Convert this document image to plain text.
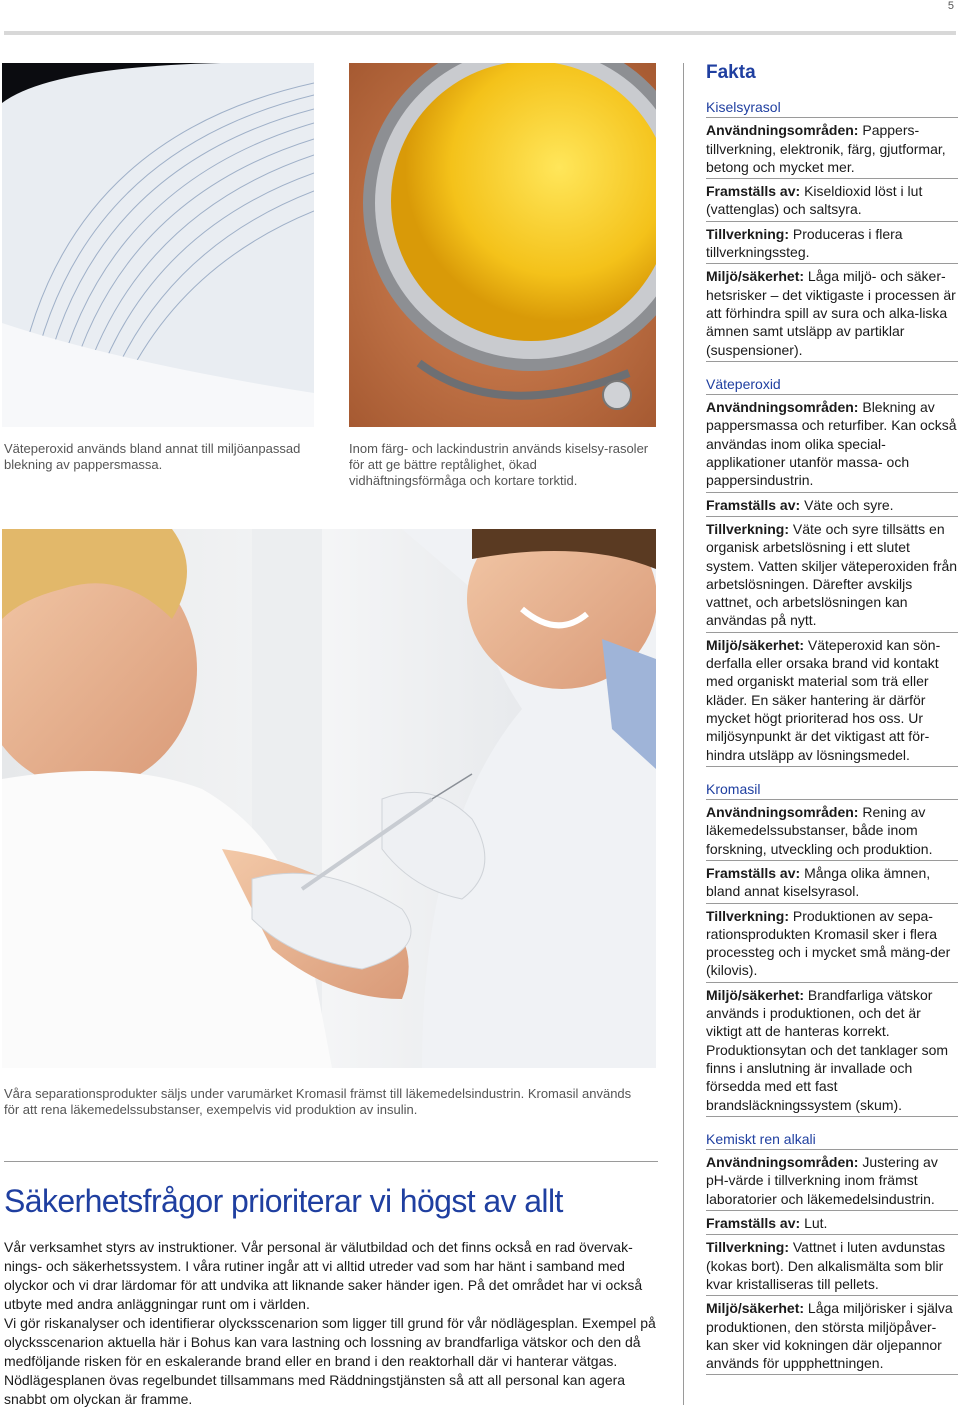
5
Väteperoxid används bland annat till miljöanpassad blekning av pappersmassa.
Inom färg- och lackindustrin används kiselsy-rasoler för att ge bättre reptålighet, ökad vidhäftningsförmåga och kortare torktid.
Våra separationsprodukter säljs under varumärket Kromasil främst till läkemedelsindustrin. Kromasil används för att rena läkemedelssubstanser, exempelvis vid produktion av insulin.
Säkerhetsfrågor prioriterar vi högst av allt

Vår verksamhet styrs av instruktioner. Vår personal är välutbildad och det finns också en rad övervak-nings- och säkerhetssystem. I våra rutiner ingår att vi alltid utreder vad som har hänt i samband med olyckor och vi drar lärdomar för att undvika att liknande saker händer igen. På det området har vi också utbyte med andra anläggningar runt om i världen.

Vi gör riskanalyser och identifierar olycksscenarion som ligger till grund för vår nödlägesplan. Exempel på olycksscenarion aktuella här i Bohus kan vara lastning och lossning av brandfarliga vätskor och den då medföljande risken för en eskalerande brand eller en brand i den reaktorhall där vi hanterar vätgas. Nödlägesplanen övas regelbundet tillsammans med Räddningstjänsten så att all personal kan agera snabbt om olyckan är framme.

Fakta
Kiselsyrasol
Användningsområden: Pappers-tillverkning, elektronik, färg, gjutformar, betong och mycket mer.
Framställs av: Kiseldioxid löst i lut (vattenglas) och saltsyra.
Tillverkning: Produceras i flera tillverkningssteg.
Miljö/säkerhet: Låga miljö- och säker-hetsrisker – det viktigaste i processen är att förhindra spill av sura och alka-liska ämnen samt utsläpp av partiklar (suspensioner).
Väteperoxid
Användningsområden: Blekning av pappersmassa och returfiber. Kan också användas inom olika special-applikationer utanför massa- och pappersindustrin.
Framställs av: Väte och syre.
Tillverkning: Väte och syre tillsätts en organisk arbetslösning i ett slutet system. Vatten skiljer väteperoxiden från arbetslösningen. Därefter avskiljs vattnet, och arbetslösningen kan användas på nytt.
Miljö/säkerhet: Väteperoxid kan sön-derfalla eller orsaka brand vid kontakt med organiskt material som trä eller kläder. En säker hantering är därför mycket högt prioriterad hos oss. Ur miljösynpunkt är det viktigast att för-hindra utsläpp av lösningsmedel.
Kromasil
Användningsområden: Rening av läkemedelssubstanser, både inom forskning, utveckling och produktion.
Framställs av: Många olika ämnen, bland annat kiselsyrasol.
Tillverkning: Produktionen av sepa-rationsprodukten Kromasil sker i flera processteg och i mycket små mäng-der (kilovis).
Miljö/säkerhet: Brandfarliga vätskor används i produktionen, och det är viktigt att de hanteras korrekt. Produktionsytan och det tanklager som finns i anslutning är invallade och försedda med ett fast brandsläckningssystem (skum).
Kemiskt ren alkali
Användningsområden: Justering av pH-värde i tillverkning inom främst laboratorier och läkemedelsindustrin.
Framställs av: Lut.
Tillverkning: Vattnet i luten avdunstas (kokas bort). Den alkalismälta som blir kvar kristalliseras till pellets.
Miljö/säkerhet: Låga miljörisker i själva produktionen, den största miljöpåver-kan sker vid kokningen där oljepannor används för uppphettningen.
